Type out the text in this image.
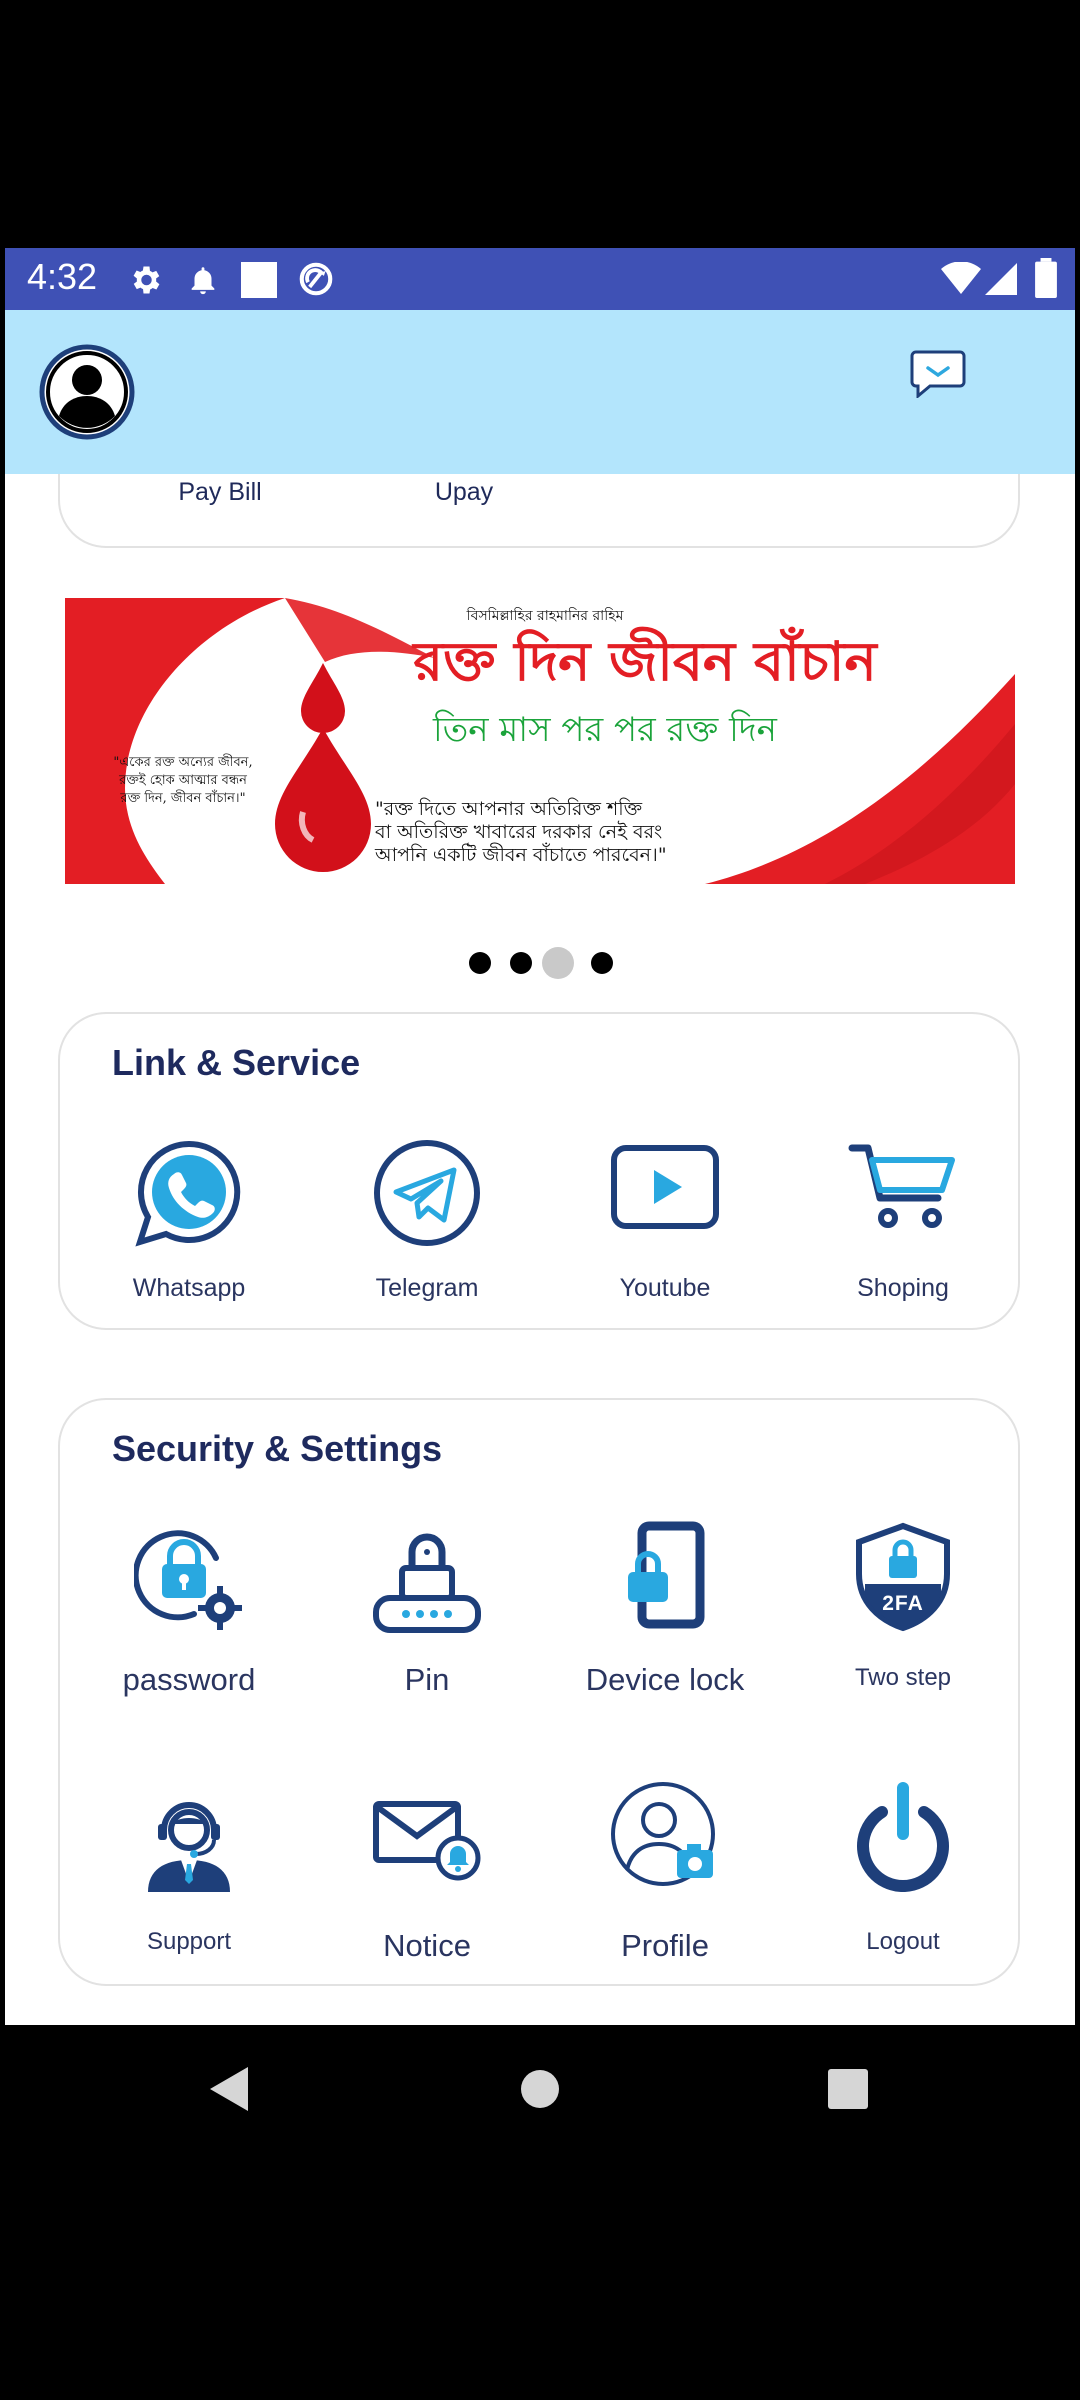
4:32
Pay Bill	Upay
বিসমিল্লাহির রাহমানির রাহিম
রক্ত দিন জীবন বাঁচান
তিন মাস পর পর রক্ত দিন
"একের রক্ত অন্যের জীবন,
রক্তই হোক আত্মার বন্ধন
রক্ত দিন, জীবন বাঁচান।"	"রক্ত দিতে আপনার অতিরিক্ত শক্তি
বা অতিরিক্ত খাবারের দরকার নেই বরং
আপনি একটি জীবন বাঁচাতে পারবেন।"
Link & Service
Whatsapp	Telegram	Youtube	Shoping
Security & Settings
password	Pin	Device lock
2FA
Two step
Support	Notice	Profile	Logout
